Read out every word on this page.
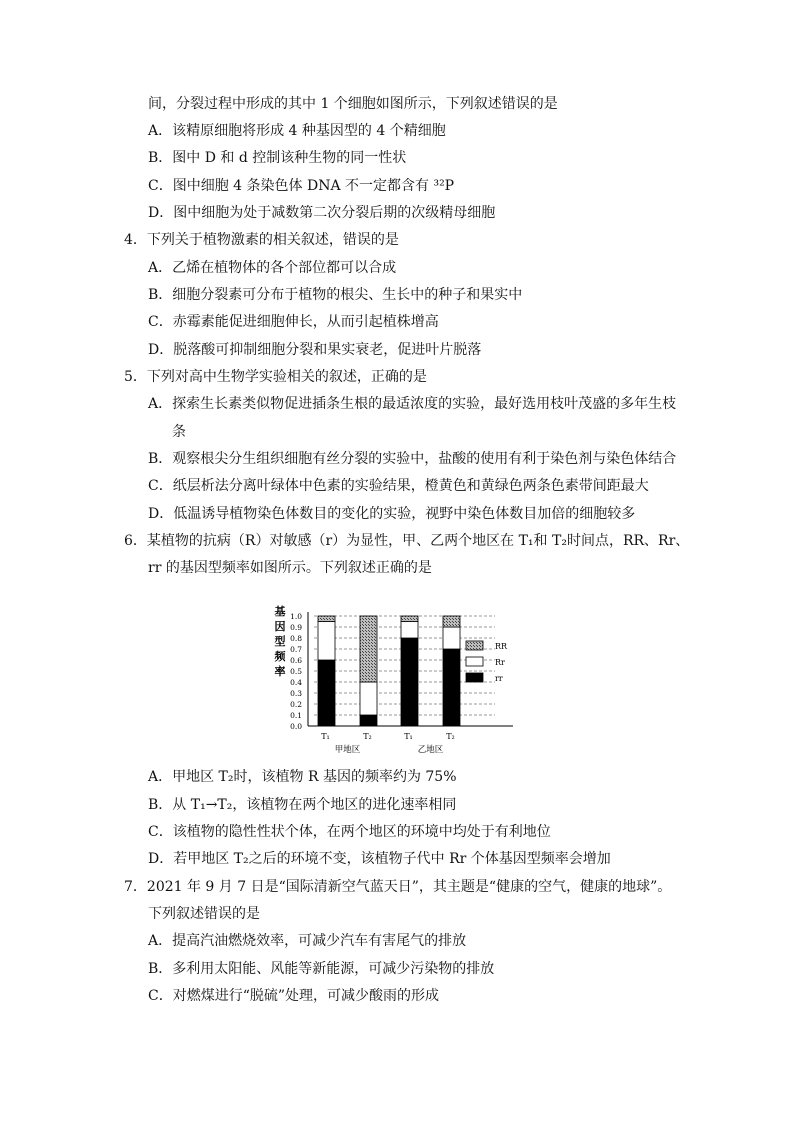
间，分裂过程中形成的其中 1 个细胞如图所示，下列叙述错误的是
A．该精原细胞将形成 4 种基因型的 4 个精细胞
B．图中 D 和 d 控制该种生物的同一性状
C．图中细胞 4 条染色体 DNA 不一定都含有 ³²P
D．图中细胞为处于减数第二次分裂后期的次级精母细胞
4．下列关于植物激素的相关叙述，错误的是
A．乙烯在植物体的各个部位都可以合成
B．细胞分裂素可分布于植物的根尖、生长中的种子和果实中
C．赤霉素能促进细胞伸长，从而引起植株增高
D．脱落酸可抑制细胞分裂和果实衰老，促进叶片脱落
5．下列对高中生物学实验相关的叙述，正确的是
A．探索生长素类似物促进插条生根的最适浓度的实验，最好选用枝叶茂盛的多年生枝
条
B．观察根尖分生组织细胞有丝分裂的实验中，盐酸的使用有利于染色剂与染色体结合
C．纸层析法分离叶绿体中色素的实验结果，橙黄色和黄绿色两条色素带间距最大
D．低温诱导植物染色体数目的变化的实验，视野中染色体数目加倍的细胞较多
6．某植物的抗病（R）对敏感（r）为显性，甲、乙两个地区在 T₁和 T₂时间点，RR、Rr、
rr 的基因型频率如图所示。下列叙述正确的是
基
因
型
频
率
0.0
0.1
0.2
0.3
0.4
0.5
0.6
0.7
0.8
0.9
1.0
T₁	T₂	T₁	T₂
甲地区	乙地区
RR
Rr
rr
A．甲地区 T₂时，该植物 R 基因的频率约为 75%
B．从 T₁→T₂，该植物在两个地区的进化速率相同
C．该植物的隐性性状个体，在两个地区的环境中均处于有利地位
D．若甲地区 T₂之后的环境不变，该植物子代中 Rr 个体基因型频率会增加
7．2021 年 9 月 7 日是“国际清新空气蓝天日”，其主题是“健康的空气，健康的地球”。
下列叙述错误的是
A．提高汽油燃烧效率，可减少汽车有害尾气的排放
B．多利用太阳能、风能等新能源，可减少污染物的排放
C．对燃煤进行“脱硫”处理，可减少酸雨的形成
